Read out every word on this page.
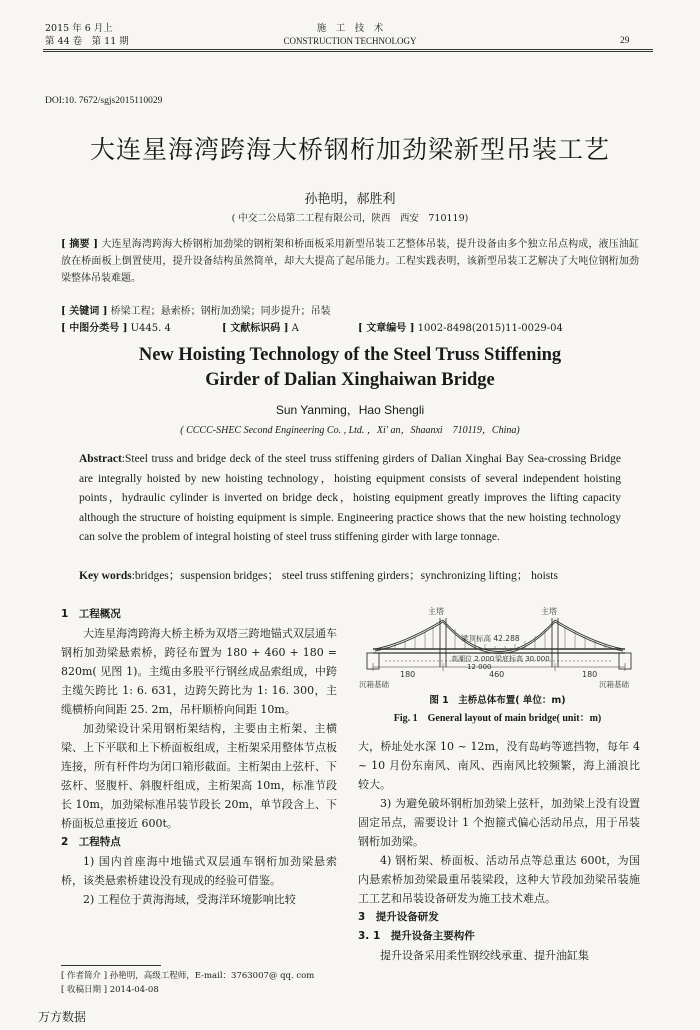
2015 年 6 月上
第 44 卷　第 11 期
施　工　技　术
CONSTRUCTION TECHNOLOGY	29
DOI:10. 7672/sgjs2015110029
大连星海湾跨海大桥钢桁加劲梁新型吊装工艺
孙艳明，郝胜利
( 中交二公局第二工程有限公司，陕西　西安　710119)
[ 摘要 ] 大连星海湾跨海大桥钢桁加劲梁的钢桁架和桥面板采用新型吊装工艺整体吊装，提升设备由多个独立吊点构成，液压油缸放在桥面板上倒置使用，提升设备结构虽然简单，却大大提高了起吊能力。工程实践表明，该新型吊装工艺解决了大吨位钢桁加劲梁整体吊装难题。
[ 关键词 ] 桥梁工程；悬索桥；钢桁加劲梁；同步提升；吊装
[ 中图分类号 ] U445. 4	[ 文献标识码 ] A	[ 文章编号 ] 1002-8498(2015)11-0029-04
New Hoisting Technology of the Steel Truss Stiffening
Girder of Dalian Xinghaiwan Bridge
Sun Yanming，Hao Shengli
( CCCC-SHEC Second Engineering Co. , Ltd. ，Xi' an，Shaanxi　710119，China)
Abstract:Steel truss and bridge deck of the steel truss stiffening girders of Dalian Xinghai Bay Sea-crossing Bridge are integrally hoisted by new hoisting technology，hoisting equipment consists of several independent hoisting points，hydraulic cylinder is inverted on bridge deck，hoisting equipment greatly improves the lifting capacity although the structure of hoisting equipment is simple. Engineering practice shows that the new hoisting technology can solve the problem of integral hoisting of steel truss stiffening girder with large tonnage.
Key words:bridges；suspension bridges； steel truss stiffening girders；synchronizing lifting； hoists
1　工程概况

大连星海湾跨海大桥主桥为双塔三跨地锚式双层通车钢桁加劲梁悬索桥，跨径布置为 180 + 460 + 180 = 820m( 见图 1)。主缆由多股平行钢丝成品索组成，中跨主缆矢跨比 1: 6. 631，边跨矢跨比为 1: 16. 300，主缆横桥向间距 25. 2m，吊杆顺桥向间距 10m。

加劲梁设计采用钢桁架结构，主要由主桁架、主横梁、上下平联和上下桥面板组成，主桁架采用整体节点板连接，所有杆件均为闭口箱形截面。主桁架由上弦杆、下弦杆、竖腹杆、斜腹杆组成，主桁架高 10m，标准节段长 10m，加劲梁标准吊装节段长 20m，单节段含上、下桥面板总重接近 600t。

2　工程特点

1) 国内首座海中地锚式双层通车钢桁加劲梁悬索桥，该类悬索桥建设没有现成的经验可借鉴。

2) 工程位于黄海海域，受海洋环境影响比较

[ 作者简介 ] 孙艳明，高级工程师，E-mail：3763007@ qq. com
[ 收稿日期 ] 2014-04-08
主塔	主塔
梁顶标高 42.288
高潮位 2.000
12 000
梁底标高 30.000
180	460	180
沉箱基础	沉箱基础
图 1　主桥总体布置( 单位：m)
Fig. 1　General layout of main bridge( unit：m)
大，桥址处水深 10 ~ 12m，没有岛屿等遮挡物，每年 4 ~ 10 月份东南风、南风、西南风比较频繁，海上涌浪比较大。

3) 为避免破坏钢桁加劲梁上弦杆，加劲梁上没有设置固定吊点，需要设计 1 个抱箍式偏心活动吊点，用于吊装钢桁加劲梁。

4) 钢桁架、桥面板、活动吊点等总重达 600t，为国内悬索桥加劲梁最重吊装梁段，这种大节段加劲梁吊装施工工艺和吊装设备研发为施工技术难点。

3　提升设备研发
3. 1　提升设备主要构件

提升设备采用柔性钢绞线承重、提升油缸集

万方数据
